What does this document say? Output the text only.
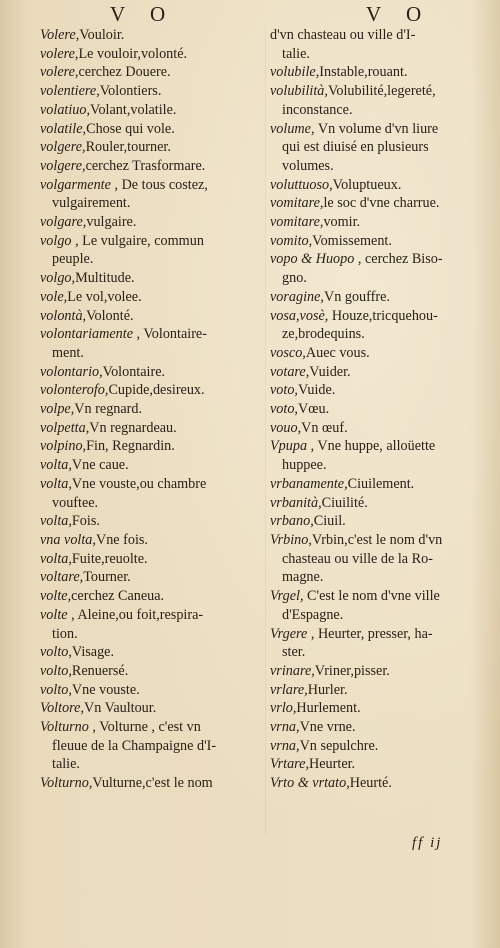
V O	V O

Volere,Vouloir.

volere,Le vouloir,volonté.

volere,cerchez Douere.

volentiere,Volontiers.

volatiuo,Volant,volatile.

volatile,Chose qui vole.

volgere,Rouler,tourner.

volgere,cerchez Trasformare.

volgarmente , De tous costez,
vulgairement.

volgare,vulgaire.

volgo , Le vulgaire, commun
peuple.

volgo,Multitude.

vole,Le vol,volee.

volontà,Volonté.

volontariamente , Volontaire-
ment.

volontario,Volontaire.

volonterofo,Cupide,desireux.

volpe,Vn regnard.

volpetta,Vn regnardeau.

volpino,Fin, Regnardin.

volta,Vne caue.

volta,Vne vouste,ou chambre
vouftee.

volta,Fois.

vna volta,Vne fois.

volta,Fuite,reuolte.

voltare,Tourner.

volte,cerchez Caneua.

volte , Aleine,ou foit,respira-
tion.

volto,Visage.

volto,Renuersé.

volto,Vne vouste.

Voltore,Vn Vaultour.

Volturno , Volturne , c'est vn
fleuue de la Champaigne d'I-
talie.

Volturno,Vulturne,c'est le nom

d'vn chasteau ou ville d'I-
talie.

volubile,Instable,rouant.

volubilità,Volubilité,legereté,
inconstance.

volume, Vn volume d'vn liure
qui est diuisé en plusieurs
volumes.

voluttuoso,Voluptueux.

vomitare,le soc d'vne charrue.

vomitare,vomir.

vomito,Vomissement.

vopo & Huopo , cerchez Biso-
gno.

voragine,Vn gouffre.

vosa,vosè, Houze,tricquehou-
ze,brodequins.

vosco,Auec vous.

votare,Vuider.

voto,Vuide.

voto,Vœu.

vouo,Vn œuf.

Vpupa , Vne huppe, alloüette
huppee.

vrbanamente,Ciuilement.

vrbanità,Ciuilité.

vrbano,Ciuil.

Vrbino,Vrbin,c'est le nom d'vn
chasteau ou ville de la Ro-
magne.

Vrgel, C'est le nom d'vne ville
d'Espagne.

Vrgere , Heurter, presser, ha-
ster.

vrinare,Vriner,pisser.

vrlare,Hurler.

vrlo,Hurlement.

vrna,Vne vrne.

vrna,Vn sepulchre.

Vrtare,Heurter.

Vrto & vrtato,Heurté.

ff ij
